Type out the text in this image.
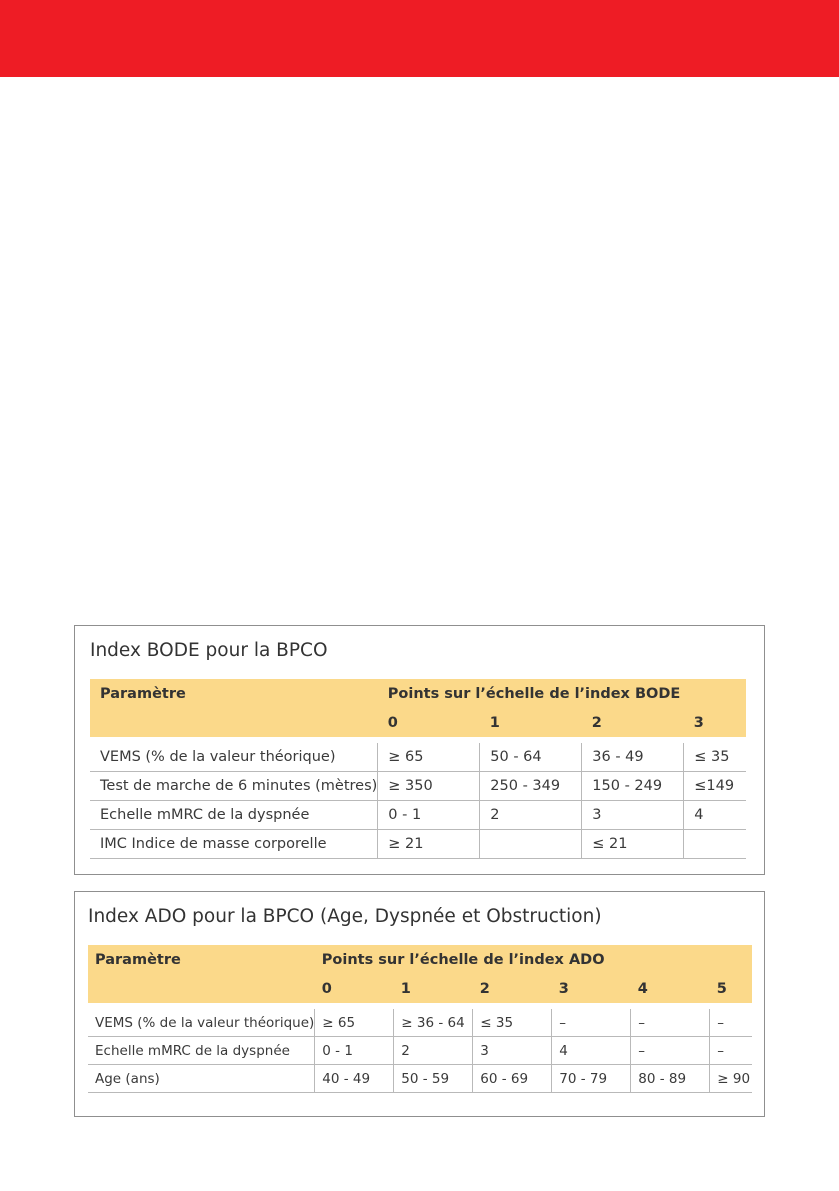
Index BODE pour la BPCO
Paramètre	Points sur l’échelle de l’index BODE			
	0	1	2	3
VEMS (% de la valeur théorique)	≥ 65	50 - 64	36 - 49	≤ 35
Test de marche de 6 minutes (mètres)	≥ 350	250 - 349	150 - 249	≤149
Echelle mMRC de la dyspnée	0 - 1	2	3	4
IMC Indice de masse corporelle	≥ 21		≤ 21	
Index ADO pour la BPCO (Age, Dyspnée et Obstruction)
Paramètre	Points sur l’échelle de l’index ADO					
	0	1	2	3	4	5
VEMS (% de la valeur théorique)	≥ 65	≥ 36 - 64	≤ 35	–	–	–
Echelle mMRC de la dyspnée	0 - 1	2	3	4	–	–
Age (ans)	40 - 49	50 - 59	60 - 69	70 - 79	80 - 89	≥ 90
